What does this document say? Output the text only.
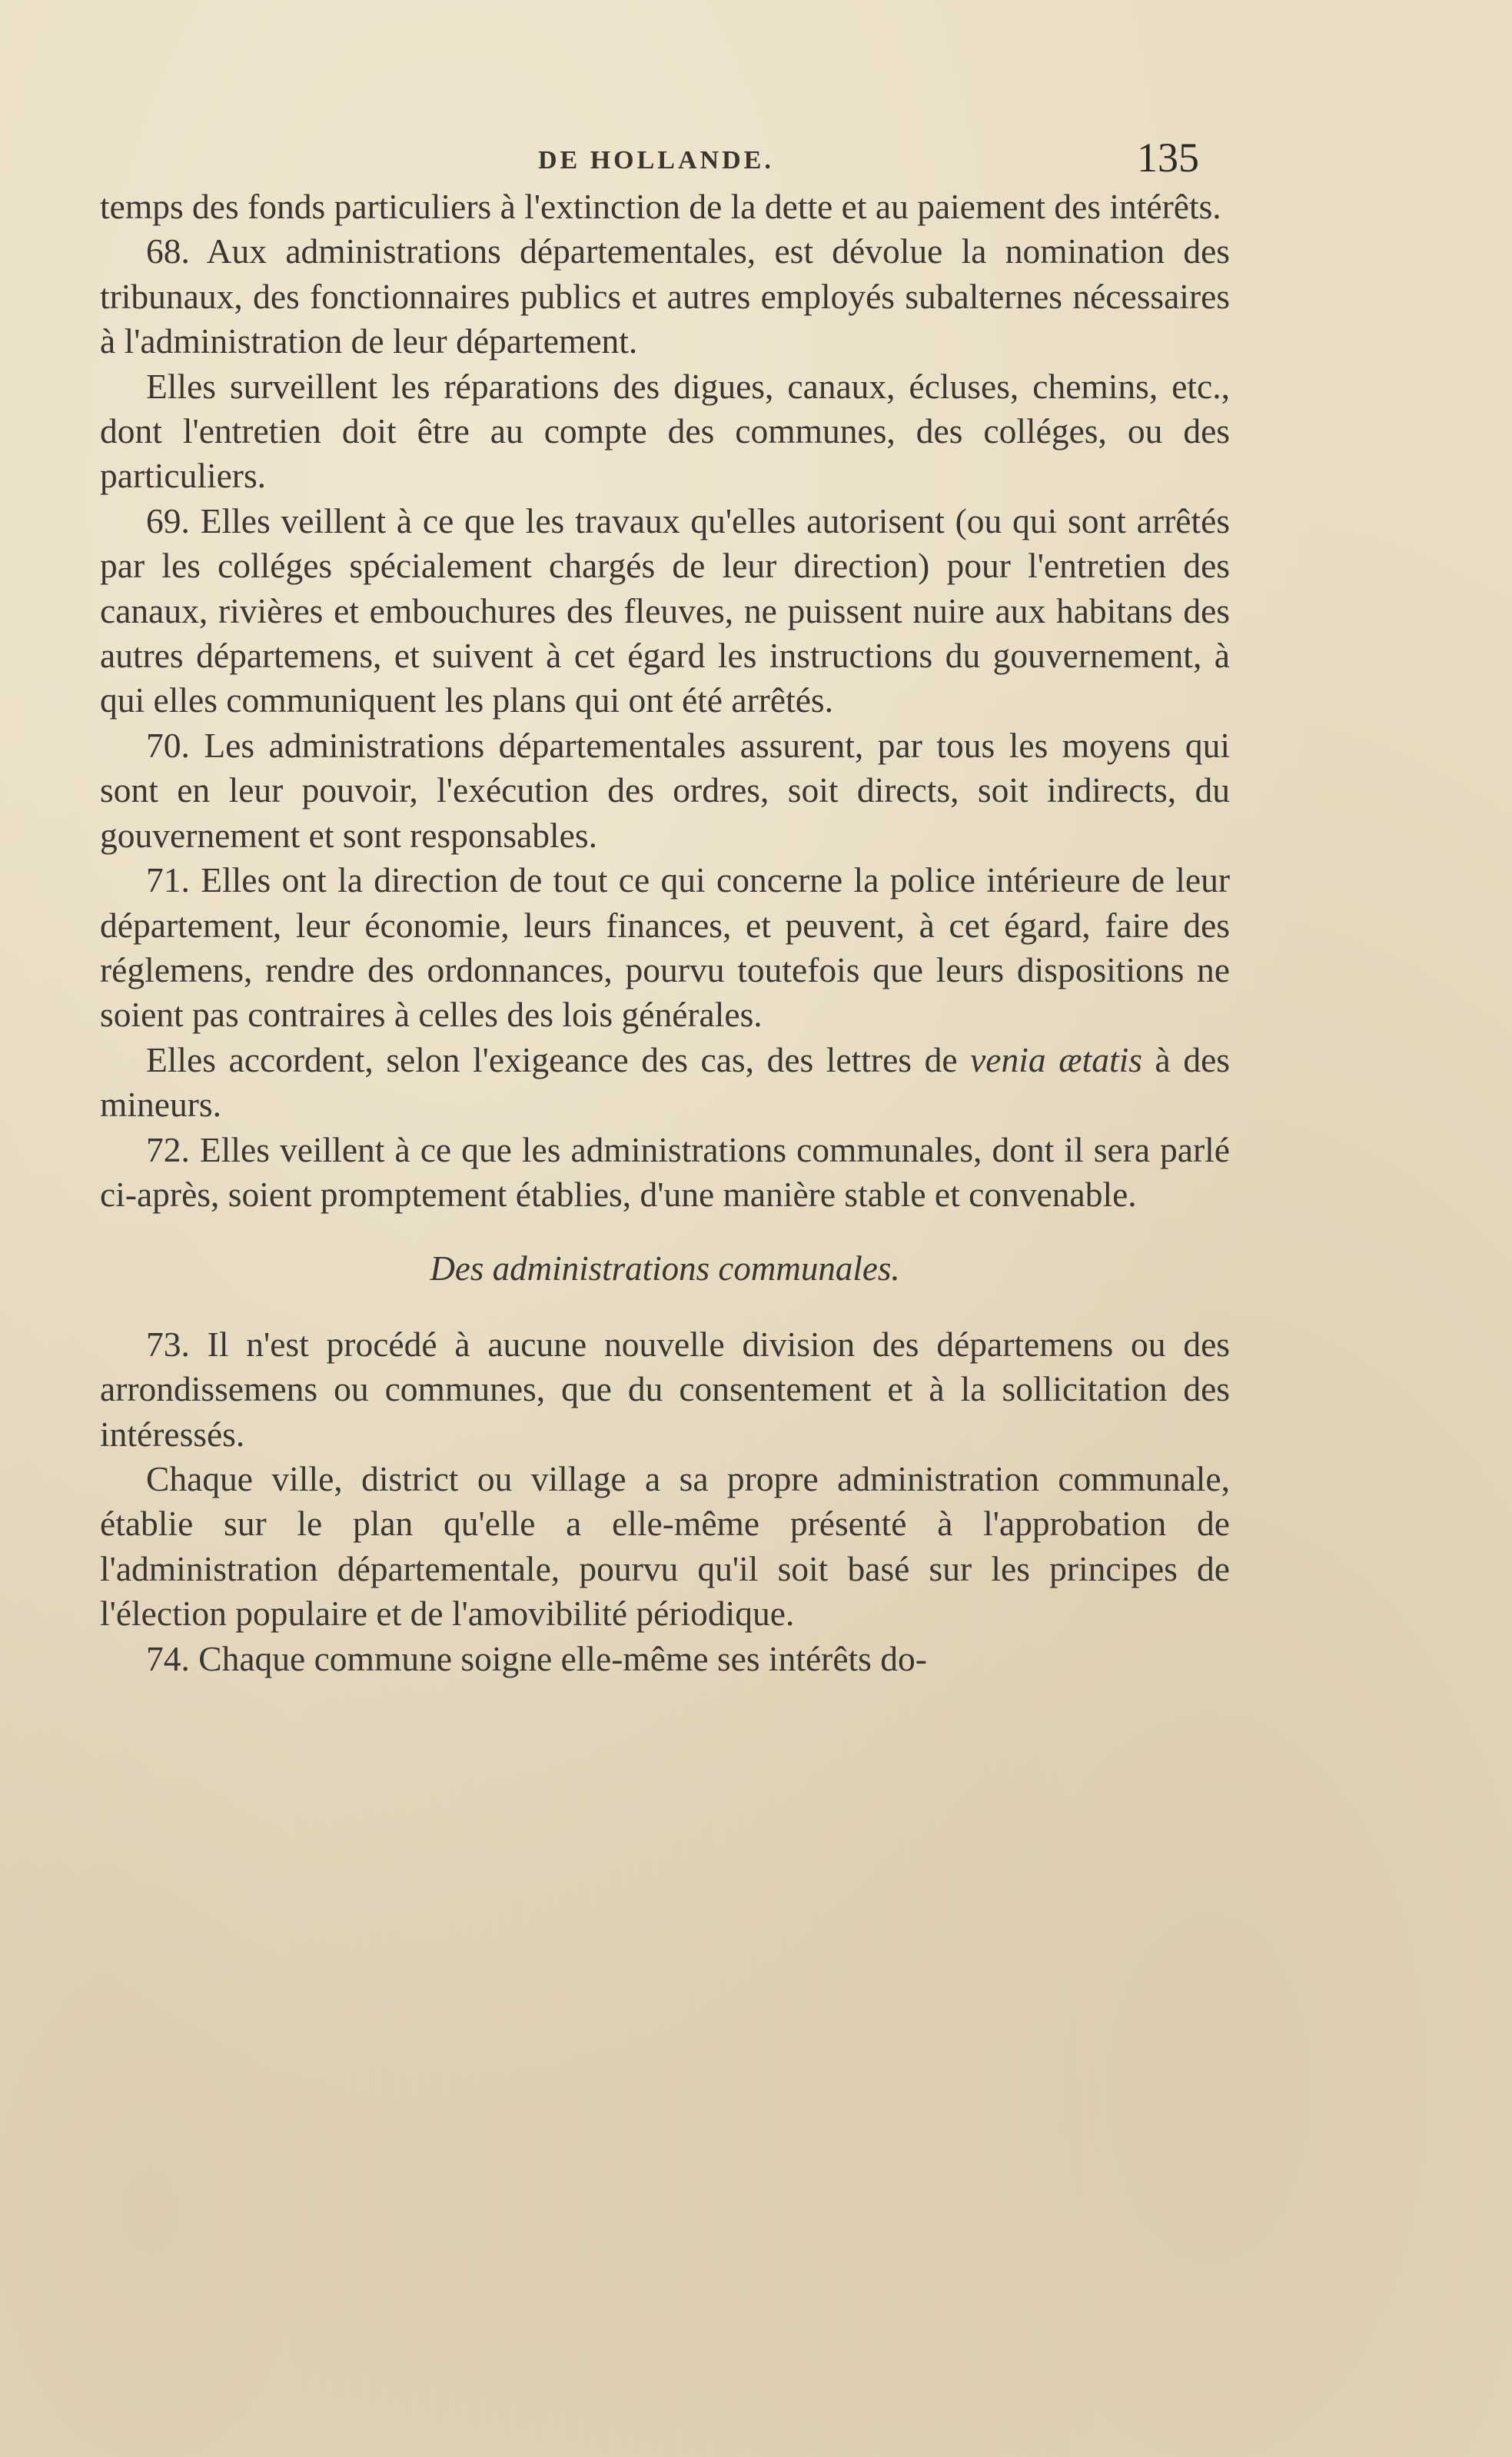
DE HOLLANDE.	135

temps des fonds particuliers à l'extinction de la dette et au paiement des intérêts.

68. Aux administrations départementales, est dévolue la nomination des tribunaux, des fonctionnaires publics et autres employés subalternes nécessaires à l'administration de leur département.

Elles surveillent les réparations des digues, canaux, écluses, chemins, etc., dont l'entretien doit être au compte des communes, des colléges, ou des particuliers.

69. Elles veillent à ce que les travaux qu'elles autorisent (ou qui sont arrêtés par les colléges spécialement chargés de leur direction) pour l'entretien des canaux, rivières et embouchures des fleuves, ne puissent nuire aux habitans des autres départemens, et suivent à cet égard les instructions du gouvernement, à qui elles communiquent les plans qui ont été arrêtés.

70. Les administrations départementales assurent, par tous les moyens qui sont en leur pouvoir, l'exécution des ordres, soit directs, soit indirects, du gouvernement et sont responsables.

71. Elles ont la direction de tout ce qui concerne la police intérieure de leur département, leur économie, leurs finances, et peuvent, à cet égard, faire des réglemens, rendre des ordonnances, pourvu toutefois que leurs dispositions ne soient pas contraires à celles des lois générales.

Elles accordent, selon l'exigeance des cas, des lettres de venia ætatis à des mineurs.

72. Elles veillent à ce que les administrations communales, dont il sera parlé ci-après, soient promptement établies, d'une manière stable et convenable.

Des administrations communales.

73. Il n'est procédé à aucune nouvelle division des départemens ou des arrondissemens ou communes, que du consentement et à la sollicitation des intéressés.

Chaque ville, district ou village a sa propre administration communale, établie sur le plan qu'elle a elle-même présenté à l'approbation de l'administration départementale, pourvu qu'il soit basé sur les principes de l'élection populaire et de l'amovibilité périodique.

74. Chaque commune soigne elle-même ses intérêts do-
